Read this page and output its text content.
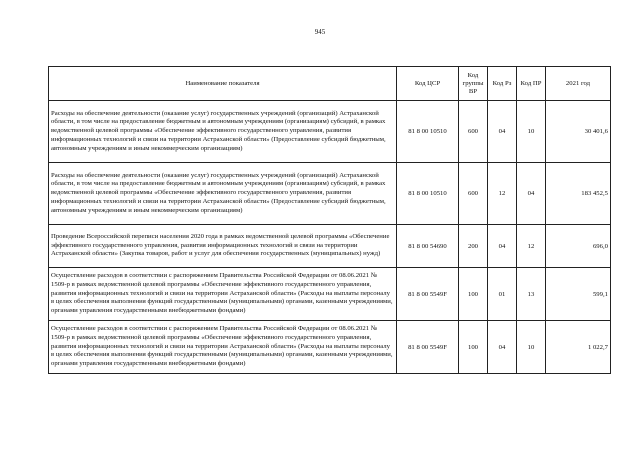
945
Наименование показателя	Код ЦСР	Код группы ВР	Код Рз	Код ПР	2021 год
Расходы на обеспечение деятельности (оказание услуг) государственных учреждений (организаций) Астраханской области, в том числе на предоставление бюджетным и автономным учреждениям (организациям) субсидий, в рамках ведомственной целевой программы «Обеспечение эффективного государственного управления, развития информационных технологий и связи на территории Астраханской области» (Предоставление субсидий бюджетным, автономным учреждениям и иным некоммерческим организациям)	81 8 00 10510	600	04	10	30 401,6
Расходы на обеспечение деятельности (оказание услуг) государственных учреждений (организаций) Астраханской области, в том числе на предоставление бюджетным и автономным учреждениям (организациям) субсидий, в рамках ведомственной целевой программы «Обеспечение эффективного государственного управления, развития информационных технологий и связи на территории Астраханской области» (Предоставление субсидий бюджетным, автономным учреждениям и иным некоммерческим организациям)	81 8 00 10510	600	12	04	183 452,5
Проведение Всероссийской переписи населения 2020 года в рамках ведомственной целевой программы «Обеспечение эффективного государственного управления, развития информационных технологий и связи на территории Астраханской области» (Закупка товаров, работ и услуг для обеспечения государственных (муниципальных) нужд)	81 8 00 54690	200	04	12	696,0
Осуществление расходов в соответствии с распоряжением Правительства Российской Федерации от 08.06.2021 № 1509-р в рамках ведомственной целевой программы «Обеспечение эффективного государственного управления, развития информационных технологий и связи на территории Астраханской области» (Расходы на выплаты персоналу в целях обеспечения выполнения функций государственными (муниципальными) органами, казенными учреждениями, органами управления государственными внебюджетными фондами)	81 8 00 5549F	100	01	13	599,1
Осуществление расходов в соответствии с распоряжением Правительства Российской Федерации от 08.06.2021 № 1509-р в рамках ведомственной целевой программы «Обеспечение эффективного государственного управления, развития информационных технологий и связи на территории Астраханской области» (Расходы на выплаты персоналу в целях обеспечения выполнения функций государственными (муниципальными) органами, казенными учреждениями, органами управления государственными внебюджетными фондами)	81 8 00 5549F	100	04	10	1 022,7
